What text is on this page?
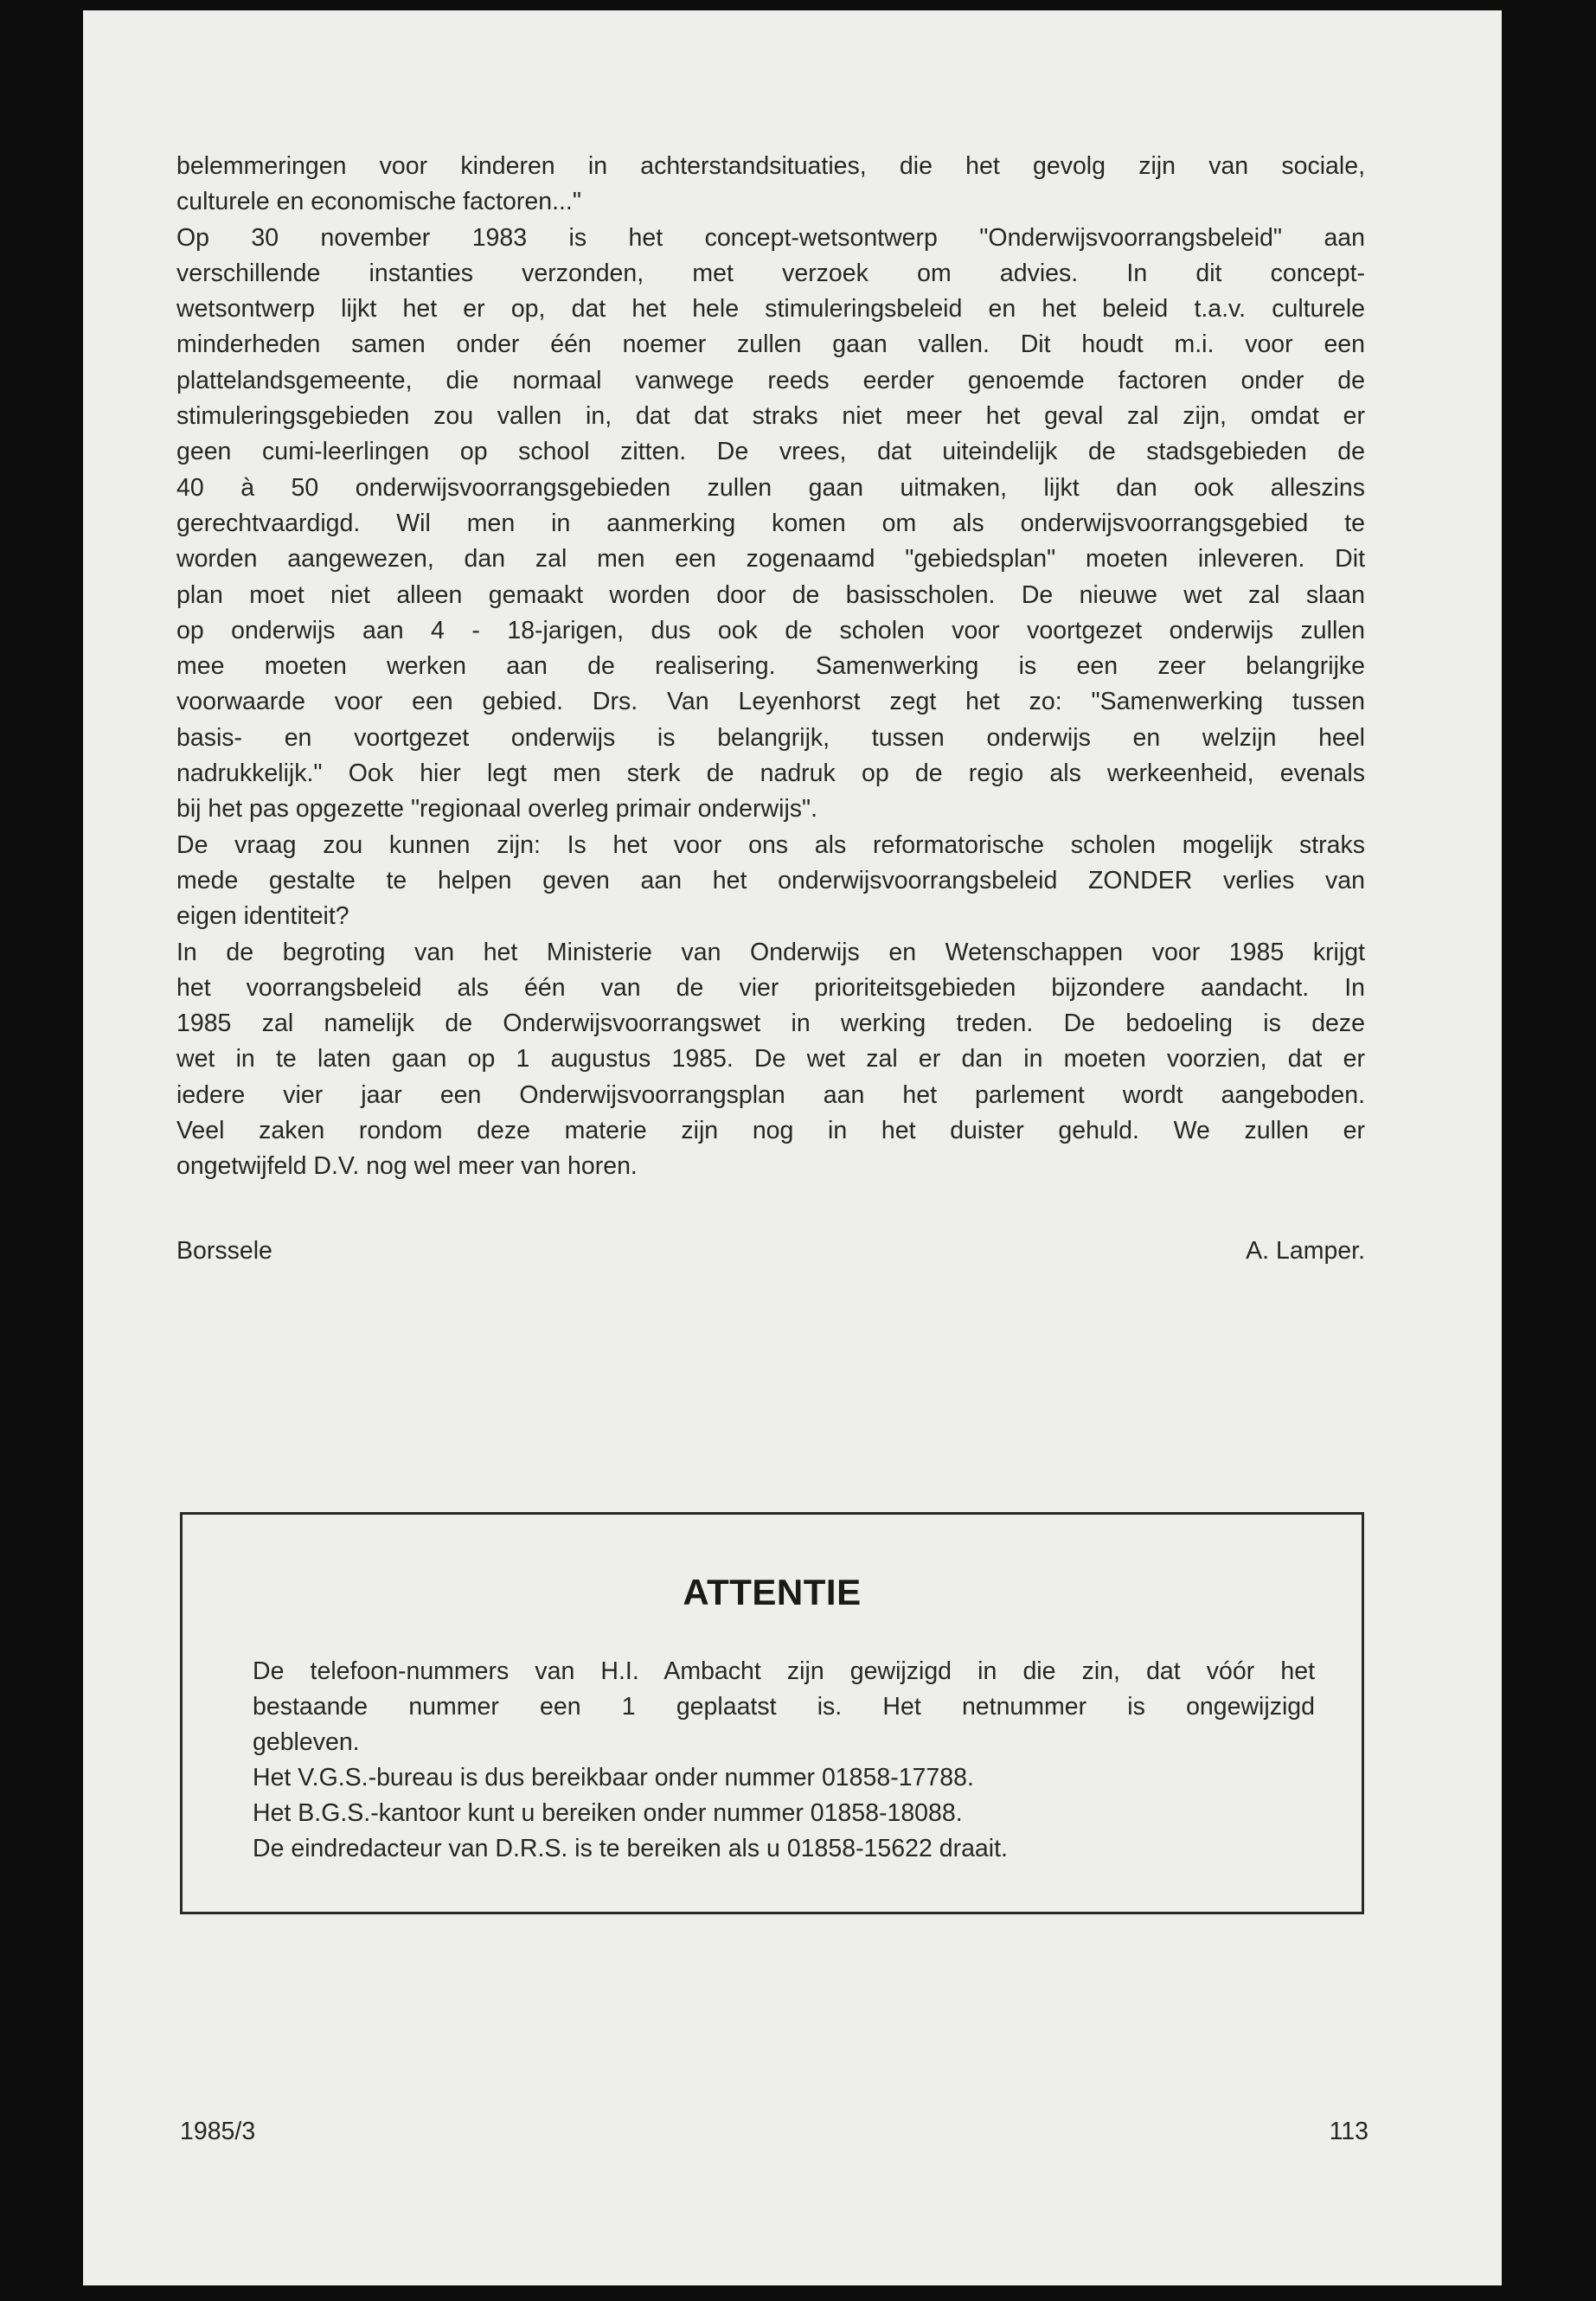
belemmeringen voor kinderen in achterstandsituaties, die het gevolg zijn van sociale,
culturele en economische factoren..."
Op 30 november 1983 is het concept-wetsontwerp "Onderwijsvoorrangsbeleid" aan
verschillende instanties verzonden, met verzoek om advies. In dit concept-
wetsontwerp lijkt het er op, dat het hele stimuleringsbeleid en het beleid t.a.v. culturele
minderheden samen onder één noemer zullen gaan vallen. Dit houdt m.i. voor een
plattelandsgemeente, die normaal vanwege reeds eerder genoemde factoren onder de
stimuleringsgebieden zou vallen in, dat dat straks niet meer het geval zal zijn, omdat er
geen cumi-leerlingen op school zitten. De vrees, dat uiteindelijk de stadsgebieden de
40 à 50 onderwijsvoorrangsgebieden zullen gaan uitmaken, lijkt dan ook alleszins
gerechtvaardigd. Wil men in aanmerking komen om als onderwijsvoorrangsgebied te
worden aangewezen, dan zal men een zogenaamd "gebiedsplan" moeten inleveren. Dit
plan moet niet alleen gemaakt worden door de basisscholen. De nieuwe wet zal slaan
op onderwijs aan 4 - 18-jarigen, dus ook de scholen voor voortgezet onderwijs zullen
mee moeten werken aan de realisering. Samenwerking is een zeer belangrijke
voorwaarde voor een gebied. Drs. Van Leyenhorst zegt het zo: "Samenwerking tussen
basis- en voortgezet onderwijs is belangrijk, tussen onderwijs en welzijn heel
nadrukkelijk." Ook hier legt men sterk de nadruk op de regio als werkeenheid, evenals
bij het pas opgezette "regionaal overleg primair onderwijs".
De vraag zou kunnen zijn: Is het voor ons als reformatorische scholen mogelijk straks
mede gestalte te helpen geven aan het onderwijsvoorrangsbeleid ZONDER verlies van
eigen identiteit?
In de begroting van het Ministerie van Onderwijs en Wetenschappen voor 1985 krijgt
het voorrangsbeleid als één van de vier prioriteitsgebieden bijzondere aandacht. In
1985 zal namelijk de Onderwijsvoorrangswet in werking treden. De bedoeling is deze
wet in te laten gaan op 1 augustus 1985. De wet zal er dan in moeten voorzien, dat er
iedere vier jaar een Onderwijsvoorrangsplan aan het parlement wordt aangeboden.
Veel zaken rondom deze materie zijn nog in het duister gehuld. We zullen er
ongetwijfeld D.V. nog wel meer van horen.
Borssele	A. Lamper.
ATTENTIE
De telefoon-nummers van H.I. Ambacht zijn gewijzigd in die zin, dat vóór het
bestaande nummer een 1 geplaatst is. Het netnummer is ongewijzigd
gebleven.
Het V.G.S.-bureau is dus bereikbaar onder nummer 01858-17788.
Het B.G.S.-kantoor kunt u bereiken onder nummer 01858-18088.
De eindredacteur van D.R.S. is te bereiken als u 01858-15622 draait.
1985/3	113
